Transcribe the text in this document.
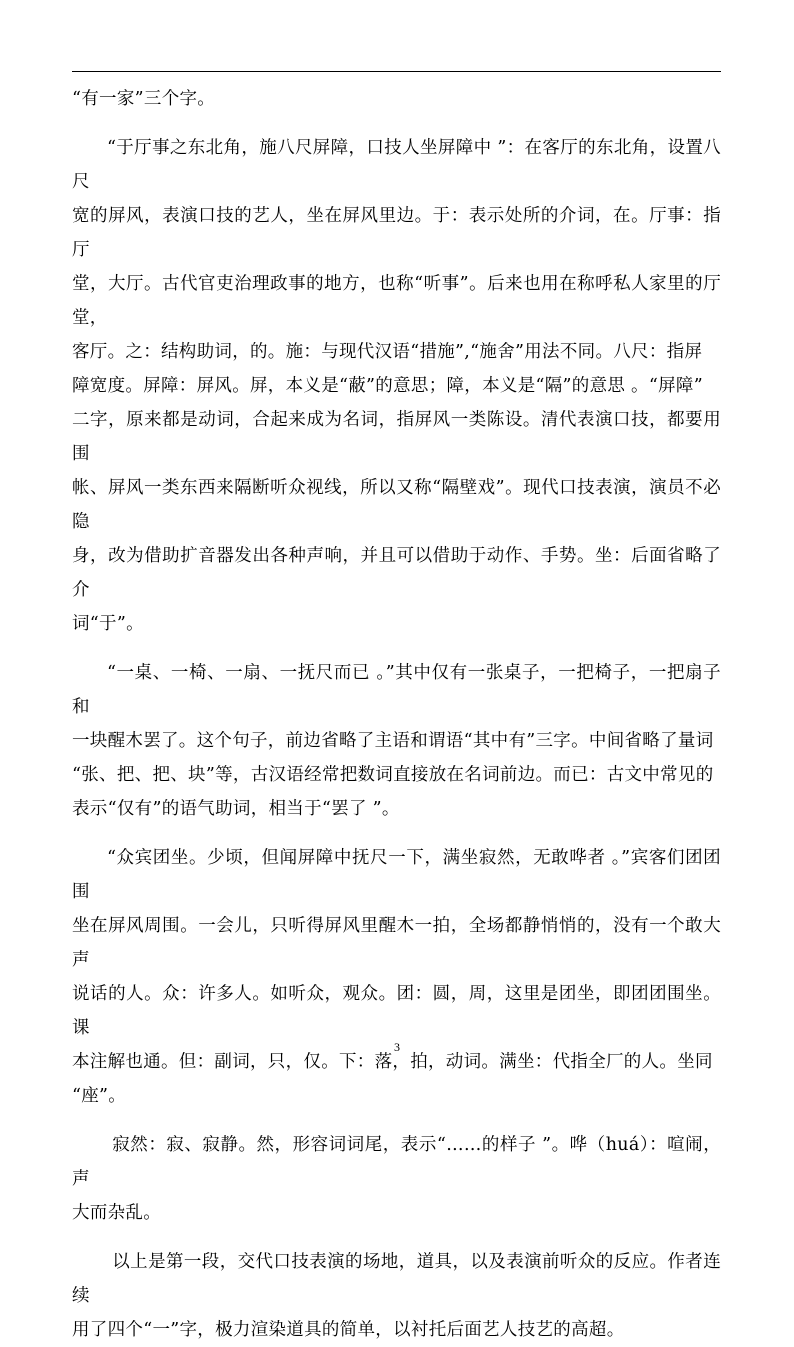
“有一家”三个字。

“于厅事之东北角，施八尺屏障，口技人坐屏障中 ”：在客厅的东北角，设置八尺
宽的屏风，表演口技的艺人，坐在屏风里边。于：表示处所的介词，在。厅事：指厅
堂，大厅。古代官吏治理政事的地方，也称“听事”。后来也用在称呼私人家里的厅堂，
客厅。之：结构助词，的。施：与现代汉语“措施”,“施舍”用法不同。八尺：指屏
障宽度。屏障：屏风。屏，本义是“蔽”的意思；障，本义是“隔”的意思 。“屏障”
二字，原来都是动词，合起来成为名词，指屏风一类陈设。清代表演口技，都要用围
帐、屏风一类东西来隔断听众视线，所以又称“隔壁戏”。现代口技表演，演员不必隐
身，改为借助扩音器发出各种声响，并且可以借助于动作、手势。坐：后面省略了介
词“于”。

“一桌、一椅、一扇、一抚尺而已 。”其中仅有一张桌子，一把椅子，一把扇子和
一块醒木罢了。这个句子，前边省略了主语和谓语“其中有”三字。中间省略了量词
“张、把、把、块”等，古汉语经常把数词直接放在名词前边。而已：古文中常见的
表示“仅有”的语气助词，相当于“罢了 ”。

“众宾团坐。少顷，但闻屏障中抚尺一下，满坐寂然，无敢哗者 。”宾客们团团围
坐在屏风周围。一会儿，只听得屏风里醒木一拍，全场都静悄悄的，没有一个敢大声
说话的人。众：许多人。如听众，观众。团：圆，周，这里是团坐，即团团围坐。课
本注解也通。但：副词，只，仅。下：落，拍，动词。满坐：代指全厂的人。坐同
“座”。

寂然：寂、寂静。然，形容词词尾，表示“……的样子 ”。哗（huá）：喧闹，声
大而杂乱。

以上是第一段，交代口技表演的场地，道具，以及表演前听众的反应。作者连续
用了四个“一”字，极力渲染道具的简单，以衬托后面艺人技艺的高超。

3
